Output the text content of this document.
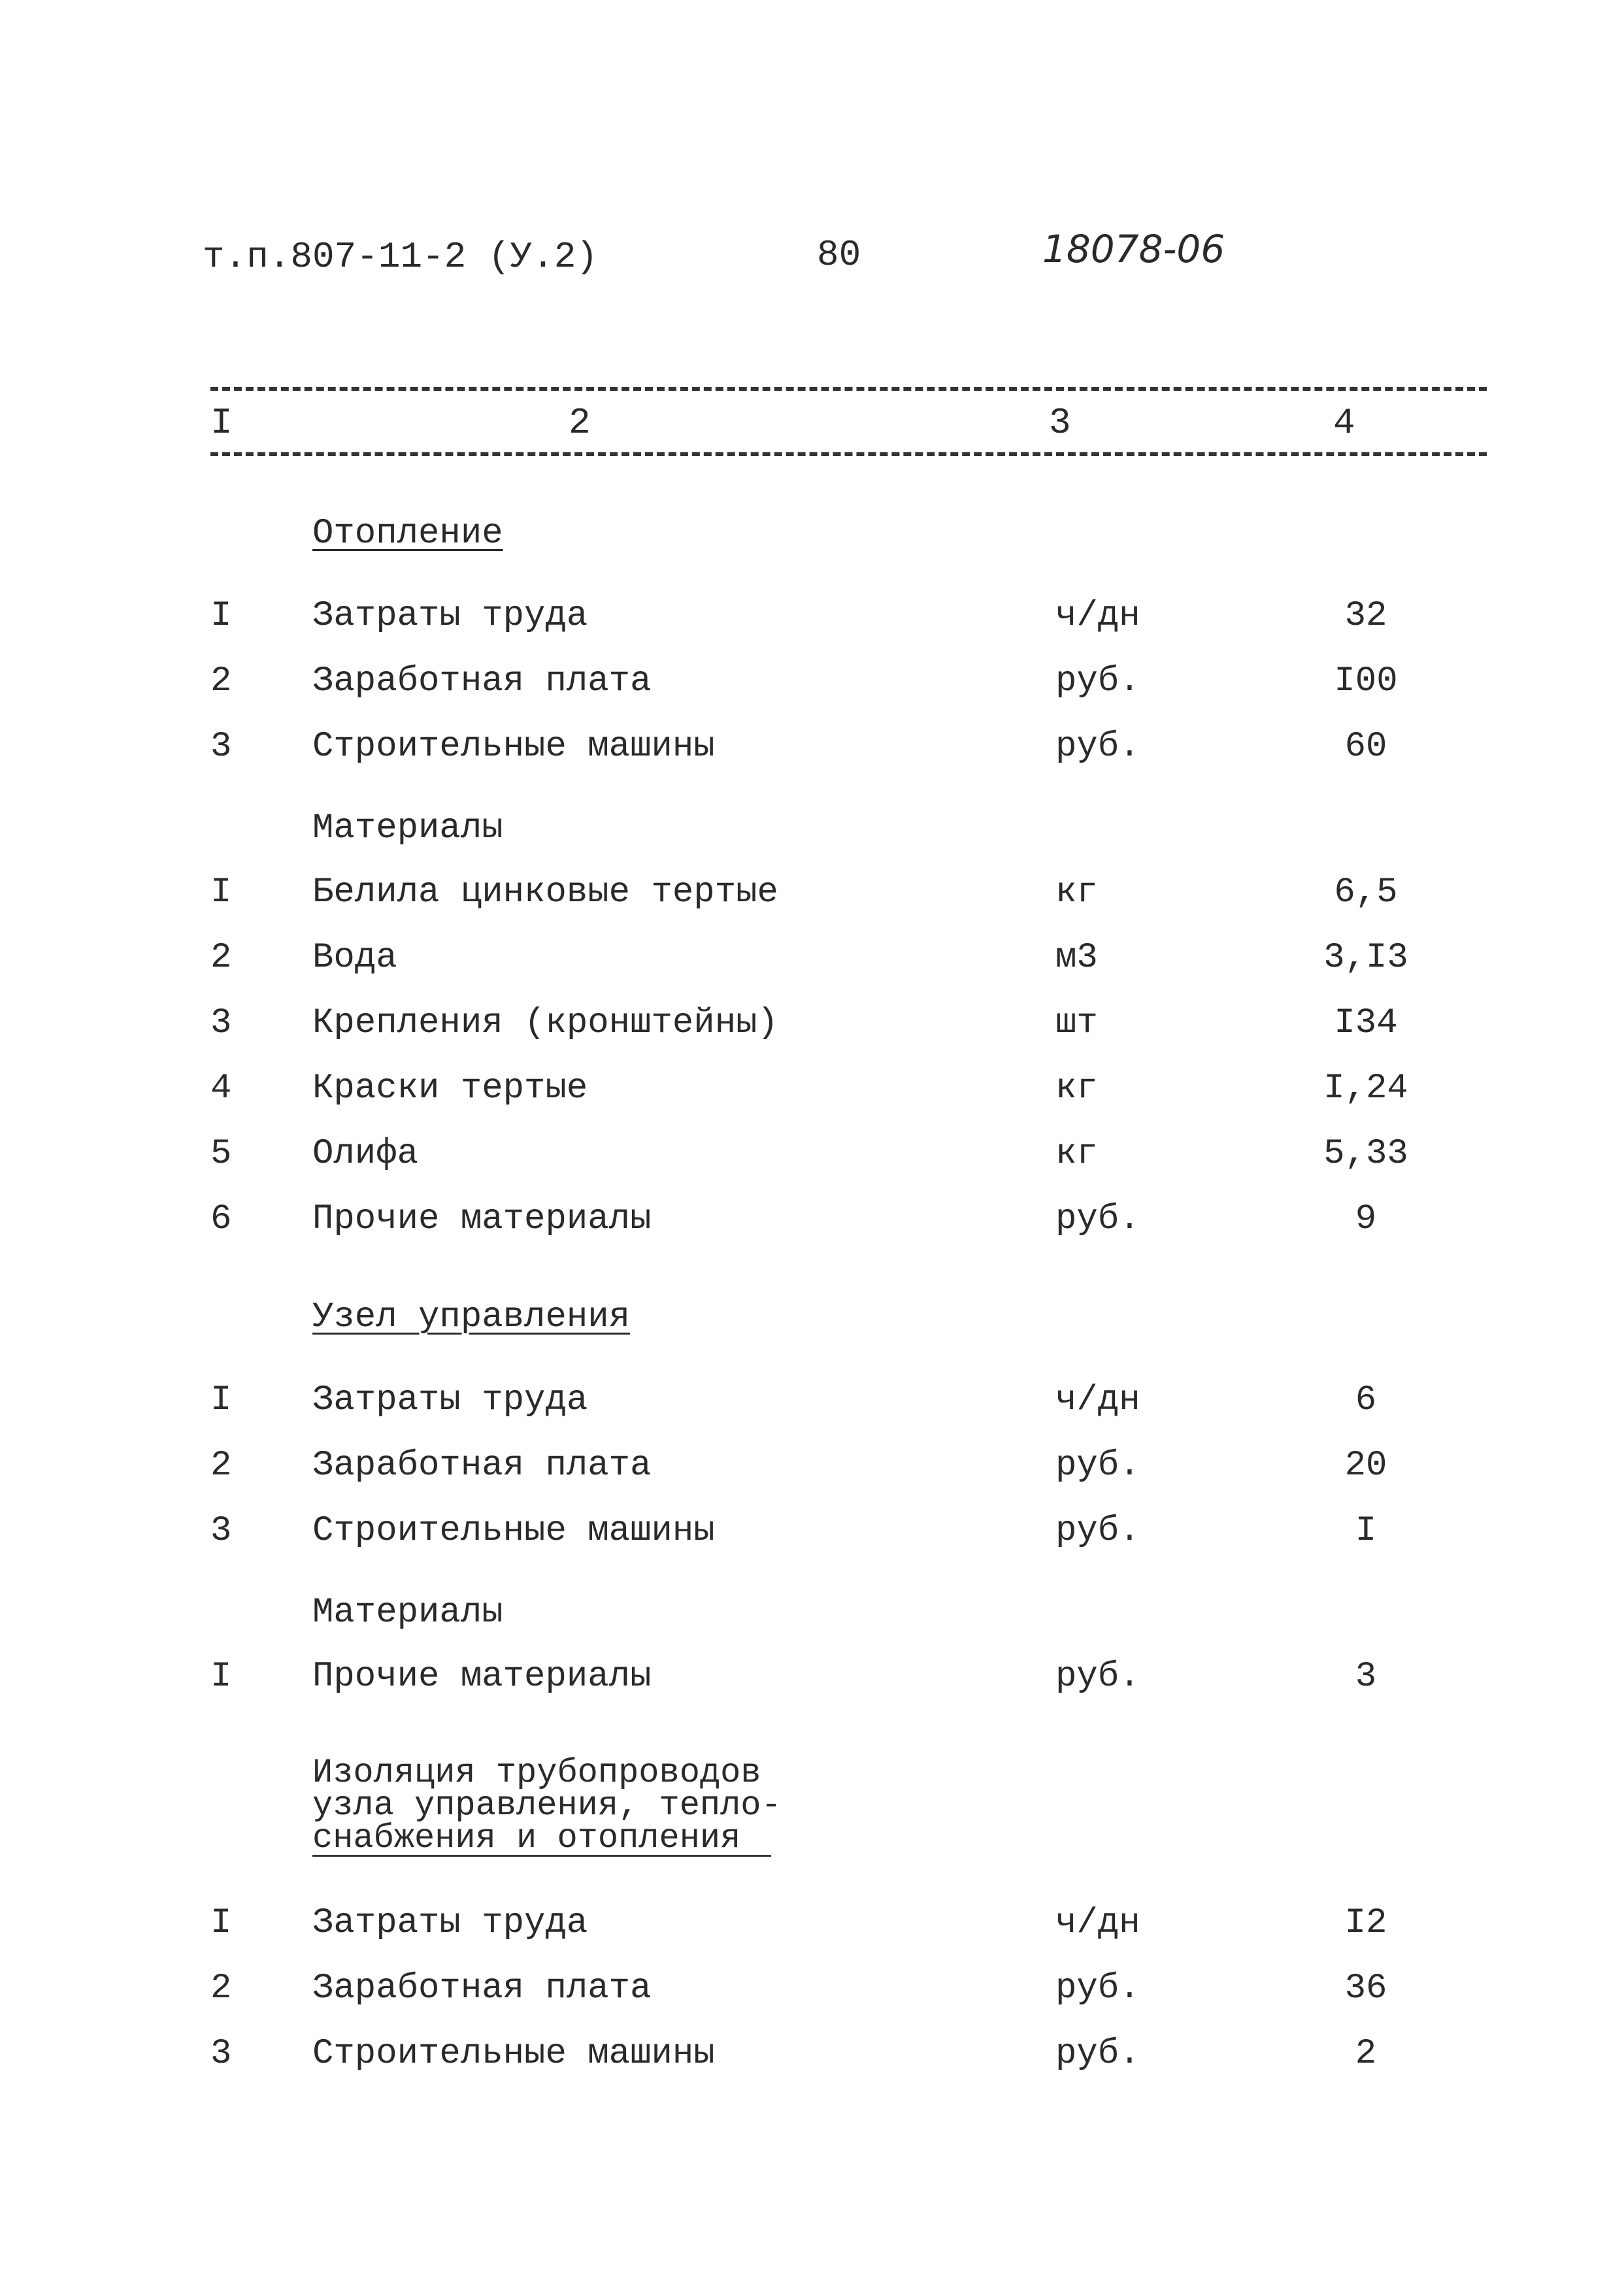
т.п.807-11-2 (У.2)	80	18078-06
I	2	3	4
Отопление
I Затраты труда	ч/дн	32
2 Заработная плата	руб.	I00
3 Строительные машины	руб.	60
Материалы
I Белила цинковые тертые	кг	6,5
2 Вода	м3	3,I3
3 Крепления (кронштейны)	шт	I34
4 Краски тертые	кг	I,24
5 Олифа	кг	5,33
6 Прочие материалы	руб.	9
Узел управления
I Затраты труда	ч/дн	6
2 Заработная плата	руб.	20
3 Строительные машины	руб.	I
Материалы
I Прочие материалы	руб.	3
Изоляция трубопроводов
узла управления, тепло-
снабжения и отопления
I Затраты труда	ч/дн	I2
2 Заработная плата	руб.	36
3 Строительные машины	руб.	2
